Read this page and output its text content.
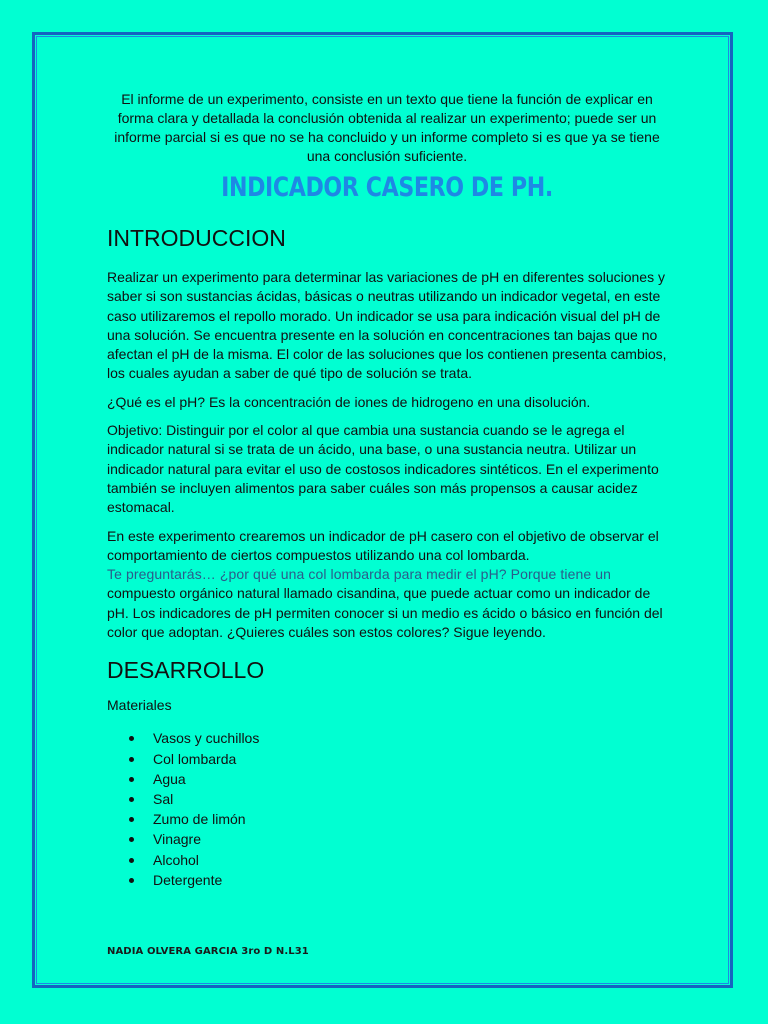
El informe de un experimento, consiste en un texto que tiene la función de explicar en forma clara y detallada la conclusión obtenida al realizar un experimento; puede ser un informe parcial si es que no se ha concluido y un informe completo si es que ya se tiene una conclusión suficiente.

INDICADOR CASERO DE PH.
INTRODUCCION

Realizar un experimento para determinar las variaciones de pH en diferentes soluciones y saber si son sustancias ácidas, básicas o neutras utilizando un indicador vegetal, en este caso utilizaremos el repollo morado. Un indicador se usa para indicación visual del pH de una solución. Se encuentra presente en la solución en concentraciones tan bajas que no afectan el pH de la misma. El color de las soluciones que los contienen presenta cambios, los cuales ayudan a saber de qué tipo de solución se trata.

¿Qué es el pH? Es la concentración de iones de hidrogeno en una disolución.

Objetivo: Distinguir por el color al que cambia una sustancia cuando se le agrega el indicador natural si se trata de un ácido, una base, o una sustancia neutra. Utilizar un indicador natural para evitar el uso de costosos indicadores sintéticos. En el experimento también se incluyen alimentos para saber cuáles son más propensos a causar acidez estomacal.

En este experimento crearemos un indicador de pH casero con el objetivo de observar el comportamiento de ciertos compuestos utilizando una col lombarda.

Te preguntarás… ¿por qué una col lombarda para medir el pH? Porque tiene un

compuesto orgánico natural llamado cisandina, que puede actuar como un indicador de pH. Los indicadores de pH permiten conocer si un medio es ácido o básico en función del color que adoptan. ¿Quieres cuáles son estos colores? Sigue leyendo.

DESARROLLO

Materiales

Vasos y cuchillos
Col lombarda
Agua
Sal
Zumo de limón
Vinagre
Alcohol
Detergente
NADIA OLVERA GARCIA 3ro D N.L31
